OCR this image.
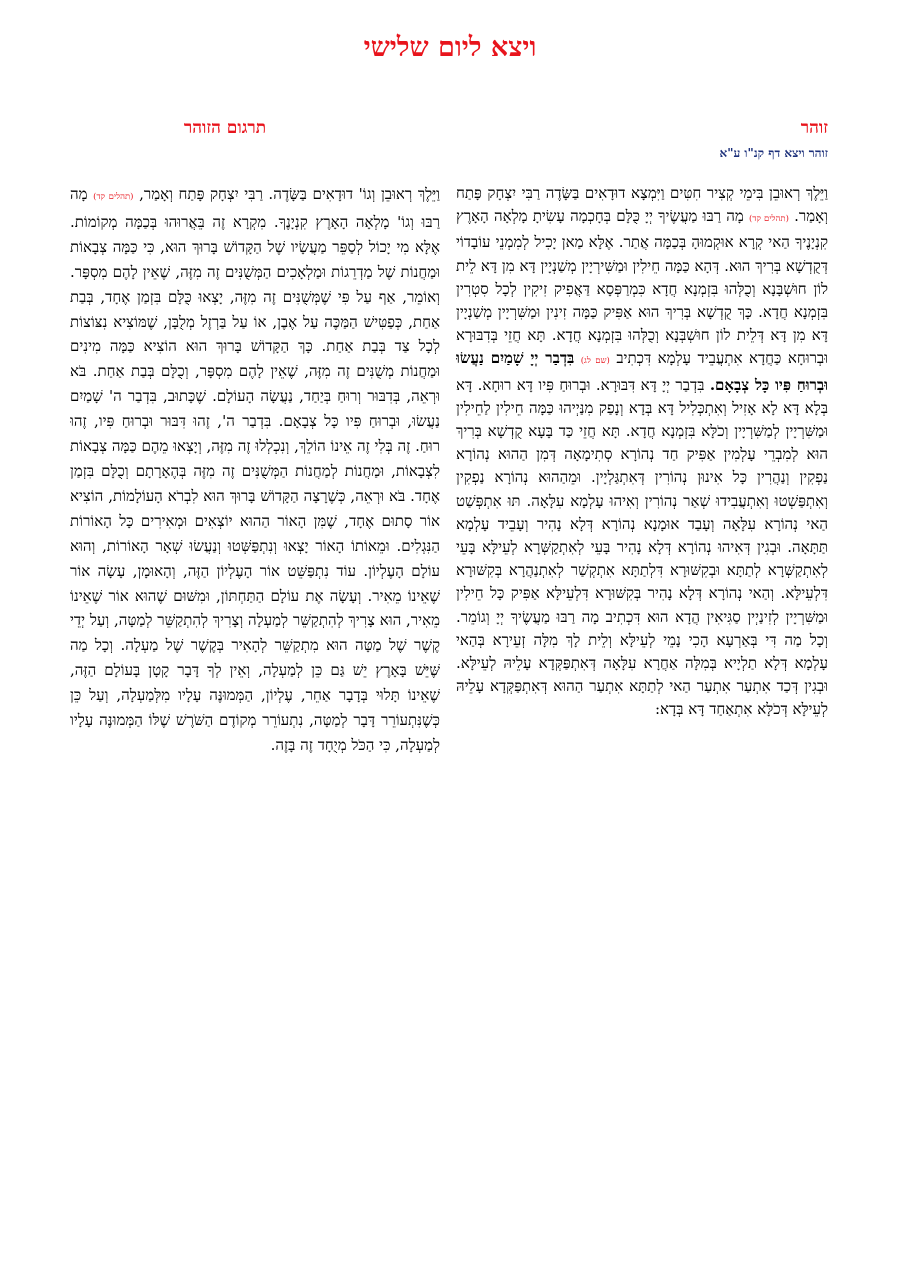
ויצא ליום שלישי
זוהר
תרגום הזוהר
זוהר ויצא דף קנ"ו ע"א

וַיֵּלֶךְ רְאוּבֵן בִּימֵי קְצִיר חִטִּים וַיִּמְצָא דוּדָאִים בַּשָּׂדֶה רַבִּי יִצְחָק פָּתַח וְאָמַר. (תהלים קד) מָה רַבּוּ מַעֲשֶׂיךָ יְיָ כֻּלָּם בְּחָכְמָה עָשִׂיתָ מָלְאָה הָאָרֶץ קִנְיָנֶיךָ הַאי קְרָא אוּקְמוּהָ בְּכַמָּה אֲתַר. אֶלָּא מַאן יָכִיל לְמִמְנֵי עוֹבָדוֹי דְּקֻדְשָׁא בְּרִיךְ הוּא. דְּהָא כַּמָּה חֵילִין וּמַשִּׁירְיָין מְשַׁנְיָין דָּא מִן דָּא לֵית לוֹן חוּשְׁבָּנָא וְכֻלְּהוּ בִּזְמְנָא חֲדָא כִּמְרַפְּסָא דַּאֲפִיק זִיקִין לְכָל סִטְרִין בִּזְמְנָא חֲדָא. כָּךְ קֻדְשָׁא בְּרִיךְ הוּא אַפִּיק כַּמָּה זִינִין וּמַשִּׁרְיָין מְשַׁנְיָין דָּא מִן דָּא דְּלֵית לוֹן חוּשְׁבְּנָא וְכֻלְּהוּ בִּזְמְנָא חֲדָא. תָּא חֲזֵי בְּדִבּוּרָא וּבְרוּחָא כַּחֲדָא אִתְעֲבֵיד עָלְמָא דִּכְתִיב (שם לג) בִּדְבַר יְיָ שָׁמַיִם נַעֲשׂוּ וּבְרוּחַ פִּיו כָּל צְבָאָם. בִּדְבַר יְיָ דָּא דִּבּוּרָא. וּבְרוּחַ פִּיו דָּא רוּחָא. דָּא בְּלָא דָּא לָא אָזִיל וְאִתְכְּלִיל דָּא בְּדָא וְנָפַק מִנַּיְיהוּ כַּמָּה חֵילִין לַחֵילִין וּמַשִּׁרְיָין לְמַשִּׁרְיָין וְכֹלָּא בִּזְמְנָא חֲדָא. תָּא חֲזֵי כַּד בָּעָא קֻדְשָׁא בְּרִיךְ הוּא לְמִבְרֵי עָלְמִין אַפִּיק חַד נְהוֹרָא סְתִימָאָה דְּמִן הַהוּא נְהוֹרָא נַפְקִין וְנַהֲרִין כָּל אִינוּן נְהוֹרִין דְּאִתְגַּלְיָין. וּמֵהַהוּא נְהוֹרָא נַפְקִין וְאִתְפַּשְׁטוּ וְאִתְעֲבִידוּ שְׁאַר נְהוֹרִין וְאִיהוּ עָלְמָא עִלָּאָה. תּוּ אִתְפְּשַׁט הַאי נְהוֹרָא עִלָּאָה וְעָבַד אוּמָנָא נְהוֹרָא דְּלָא נָהִיר וְעָבֵיד עָלְמָא תַּתָּאָה. וּבְגִין דְּאִיהוּ נְהוֹרָא דְּלָא נָהִיר בָּעֵי לְאִתְקַשְּׁרָא לְעֵילָּא בָּעֵי לְאִתְקַשְּׁרָא לְתַתָּא וּבְקִשּׁוּרָא דִּלְתַתָּא אִתְקְשַׁר לְאִתְנַהֲרָא בְּקִשּׁוּרָא דִּלְעֵילָּא. וְהַאי נְהוֹרָא דְּלָא נָהִיר בְּקִשּׁוּרָא דִּלְעֵילָּא אַפִּיק כָּל חֵילִין וּמַשִּׁרְיָין לְזִינַיְין סַגִּיאִין הֲדָא הוּא דִּכְתִיב מָה רַבּוּ מַעֲשֶׂיךָ יְיָ וְגוֹמֵר. וְכָל מַה דִּי בְּאַרְעָא הָכִי נָמֵי לְעֵילָּא וְלֵית לָךְ מִלָּה זְעֵירָא בְּהַאי עָלְמָא דְּלָא תַלְיָיא בְּמִלָּה אַחֲרָא עִלָּאָה דְּאִתְפַּקְּדָא עָלֵיהּ לְעֵילָּא. וּבְגִין דְּכַד אִתְעַר אִתְעַר הַאי לְתַתָּא אִתְעַר הַהוּא דְּאִתְפַּקְּדָא עָלֵיהּ לְעֵילָּא דְּכֹלָּא אִתְאַחַד דָּא בְּדָא:

וַיֵּלֶךְ רְאוּבֵן וְגוֹ' דוּדָאִים בַּשָּׂדֶה. רַבִּי יִצְחָק פָּתַח וְאָמַר, (תהלים קד) מָה רַבּוּ וְגוֹ' מָלְאָה הָאָרֶץ קִנְיָנֶךָ. מִקְרָא זֶה בֵּאֲרוּהוּ בְּכַמָּה מְקוֹמוֹת. אֶלָּא מִי יָכוֹל לְסַפֵּר מַעֲשָׂיו שֶׁל הַקָּדוֹשׁ בָּרוּךְ הוּא, כִּי כַּמָּה צְבָאוֹת וּמַחֲנוֹת שֶׁל מַדְרֵגוֹת וּמַלְאָכִים הַמְּשֻׁנִּים זֶה מִזֶּה, שֶׁאֵין לָהֶם מִסְפָּר. וְאוֹמֵר, אַף עַל פִּי שֶׁמְּשֻׁנִּים זֶה מִזֶּה, יָצְאוּ כֻּלָּם בִּזְמַן אֶחָד, בְּבַת אַחַת, כְּפַטִּישׁ הַמַּכֶּה עַל אֶבֶן, אוֹ עַל בַּרְזֶל מְלֻבָּן, שֶׁמּוֹצִיא נִצּוֹצוֹת לְכָל צַד בְּבַת אַחַת. כָּךְ הַקָּדוֹשׁ בָּרוּךְ הוּא הוֹצִיא כַּמָּה מִינִים וּמַחֲנוֹת מְשֻׁנִּים זֶה מִזֶּה, שֶׁאֵין לָהֶם מִסְפָּר, וְכֻלָּם בְּבַת אַחַת. בֹּא וּרְאֵה, בְּדִבּוּר וְרוּחַ בְּיַחַד, נַעֲשָׂה הָעוֹלָם. שֶׁכָּתוּב, בִּדְבַר ה' שָׁמַיִם נַעֲשׂוּ, וּבְרוּחַ פִּיו כָּל צְבָאָם. בִּדְבַר ה', זֶהוּ דִּבּוּר וּבְרוּחַ פִּיו, זֶהוּ רוּחַ. זֶה בְּלִי זֶה אֵינוֹ הוֹלֵךְ, וְנִכְלְלוּ זֶה מִזֶּה, וְיָצְאוּ מֵהֶם כַּמָּה צְבָאוֹת לִצְבָאוֹת, וּמַחֲנוֹת לְמַחֲנוֹת הַמְּשֻׁנִּים זֶה מִזֶּה בְּהֶאָרָתָם וְכֻלָּם בִּזְמַן אֶחָד. בֹּא וּרְאֵה, כְּשֶׁרָצָה הַקָּדוֹשׁ בָּרוּךְ הוּא לִבְרֹא הָעוֹלָמוֹת, הוֹצִיא אוֹר סָתוּם אֶחָד, שֶׁמִּן הָאוֹר הַהוּא יוֹצְאִים וּמְאִירִים כָּל הָאוֹרוֹת הַנִּגְלִים. וּמֵאוֹתוֹ הָאוֹר יָצְאוּ וְנִתְפַּשְּׁטוּ וְנַעֲשׂוּ שְׁאָר הָאוֹרוֹת, וְהוּא עוֹלָם הָעֶלְיוֹן. עוֹד נִתְפַּשֵּׁט אוֹר הָעֶלְיוֹן הַזֶּה, וְהָאוּמָן, עָשָׂה אוֹר שֶׁאֵינוֹ מֵאִיר. וְעָשָׂה אֶת עוֹלָם הַתַּחְתּוֹן, וּמִשּׁוּם שֶׁהוּא אוֹר שֶׁאֵינוֹ מֵאִיר, הוּא צָרִיךְ לְהִתְקַשֵּׁר לְמַעְלָה וְצָרִיךְ לְהִתְקַשֵּׁר לְמַטָּה, וְעַל יְדֵי קֶשֶׁר שֶׁל מַטָּה הוּא מִתְקַשֵּׁר לְהָאִיר בְּקֶשֶׁר שֶׁל מַעְלָה. וְכָל מַה שֶּׁיֵּשׁ בָּאָרֶץ יֵשׁ גַּם כֵּן לְמַעְלָה, וְאֵין לְךָ דָּבָר קָטָן בָּעוֹלָם הַזֶּה, שֶׁאֵינוֹ תָּלוּי בְּדָבָר אַחֵר, עֶלְיוֹן, הַמְּמוּנֶּה עָלָיו מִלְּמַעְלָה, וְעַל כֵּן כְּשֶׁנִּתְעוֹרֵר דָּבָר לְמַטָּה, נִתְעוֹרֵר מְקוֹדֶם הַשֹּׁרֶשׁ שֶׁלּוֹ הַמְּמוּנֶּה עָלָיו לְמַעְלָה, כִּי הַכֹּל מְיֻחָד זֶה בָּזֶה.
